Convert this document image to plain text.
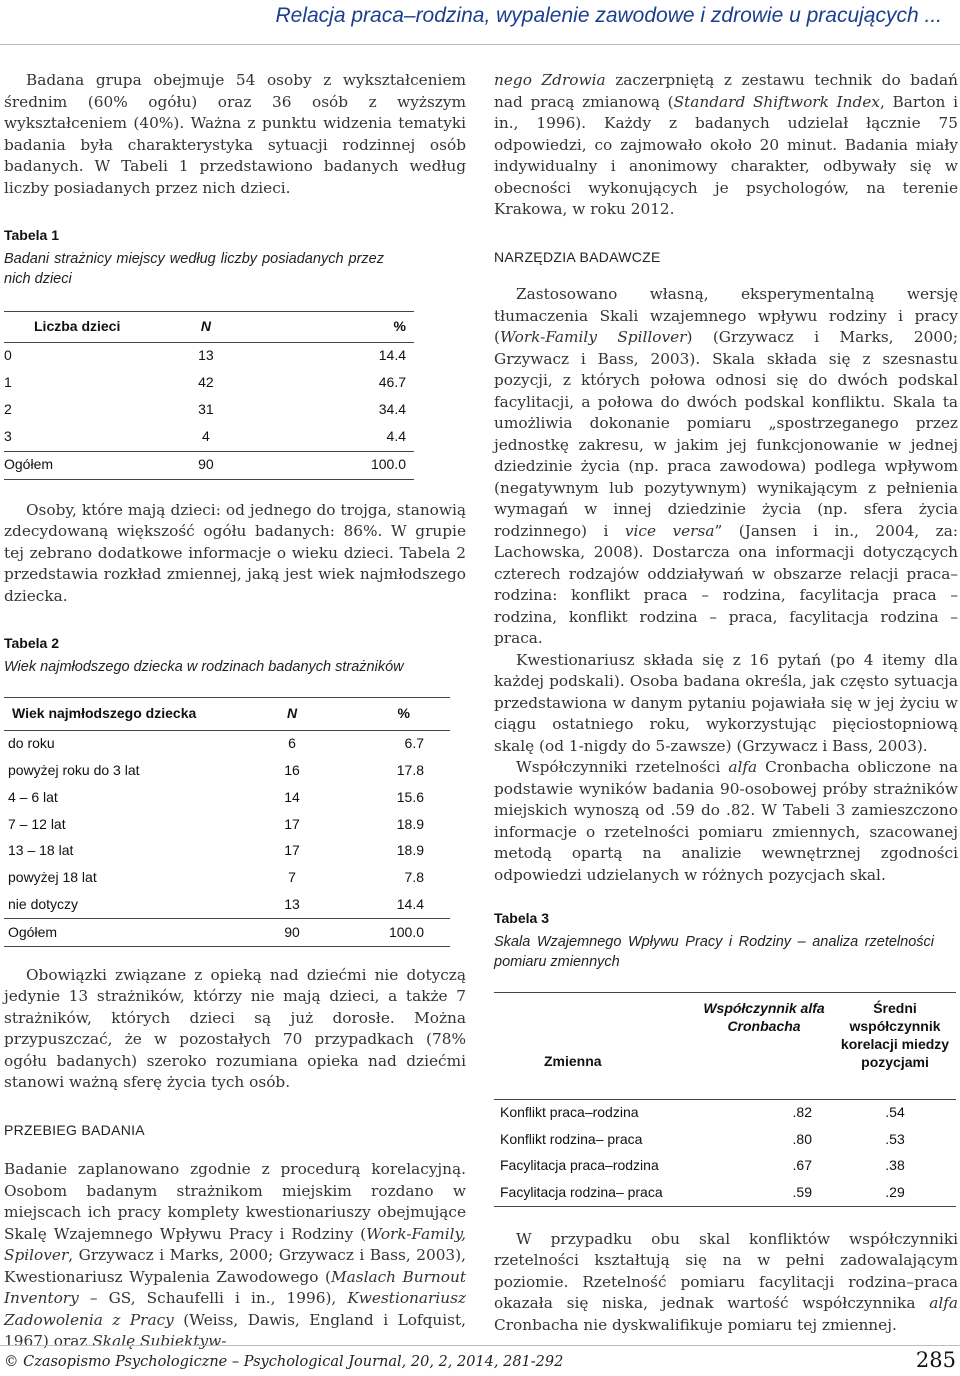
Relacja praca–rodzina, wypalenie zawodowe i zdrowie u pracujących ...

Badana grupa obejmuje 54 osoby z wykształceniem średnim (60% ogółu) oraz 36 osób z wyższym wykształceniem (40%). Ważna z punktu widzenia tematyki badania była charakterystyka sytuacji rodzinnej osób badanych. W Tabeli 1 przedstawiono badanych według liczby posiadanych przez nich dzieci.

Tabela 1

Badani strażnicy miejscy według liczby posiadanych przez nich dzieci

Liczba dzieci	N	%
0	13	14.4
1	42	46.7
2	31	34.4
3	4	4.4
Ogółem	90	100.0

Osoby, które mają dzieci: od jednego do trojga, stanowią zdecydowaną większość ogółu badanych: 86%. W grupie tej zebrano dodatkowe informacje o wieku dzieci. Tabela 2 przedstawia rozkład zmiennej, jaką jest wiek najmłodszego dziecka.

Tabela 2

Wiek najmłodszego dziecka w rodzinach badanych strażników

Wiek najmłodszego dziecka	N	%
do roku	6	6.7
powyżej roku do 3 lat	16	17.8
4 – 6 lat	14	15.6
7 – 12 lat	17	18.9
13 – 18 lat	17	18.9
powyżej 18 lat	7	7.8
nie dotyczy	13	14.4
Ogółem	90	100.0

Obowiązki związane z opieką nad dziećmi nie dotyczą jedynie 13 strażników, którzy nie mają dzieci, a także 7 strażników, których dzieci są już dorosłe. Można przypuszczać, że w pozostałych 70 przypadkach (78% ogółu badanych) szeroko rozumiana opieka nad dziećmi stanowi ważną sferę życia tych osób.

PRZEBIEG BADANIA

Badanie zaplanowano zgodnie z procedurą korelacyjną. Osobom badanym strażnikom miejskim rozdano w miejscach ich pracy komplety kwestionariuszy obejmujące Skalę Wzajemnego Wpływu Pracy i Rodziny (Work-Family, Spilover, Grzywacz i Marks, 2000; Grzywacz i Bass, 2003), Kwestionariusz Wypalenia Zawodowego (Maslach Burnout Inventory – GS, Schaufelli i in., 1996), Kwestionariusz Zadowolenia z Pracy (Weiss, Dawis, England i Lofquist, 1967) oraz Skalę Subiektyw-

nego Zdrowia zaczerpniętą z zestawu technik do badań nad pracą zmianową (Standard Shiftwork Index, Barton i in., 1996). Każdy z badanych udzielał łącznie 75 odpowiedzi, co zajmowało około 20 minut. Badania miały indywidualny i anonimowy charakter, odbywały się w obecności wykonujących je psychologów, na terenie Krakowa, w roku 2012.

NARZĘDZIA BADAWCZE

Zastosowano własną, eksperymentalną wersję tłumaczenia Skali wzajemnego wpływu rodziny i pracy (Work-Family Spillover) (Grzywacz i Marks, 2000; Grzywacz i Bass, 2003). Skala składa się z szesnastu pozycji, z których połowa odnosi się do dwóch podskal facylitacji, a połowa do dwóch podskal konfliktu. Skala ta umożliwia dokonanie pomiaru „spostrzeganego przez jednostkę zakresu, w jakim jej funkcjonowanie w jednej dziedzinie życia (np. praca zawodowa) podlega wpływom (negatywnym lub pozytywnym) wynikającym z pełnienia wymagań w innej dziedzinie życia (np. sfera życia rodzinnego) i vice versa” (Jansen i in., 2004, za: Lachowska, 2008). Dostarcza ona informacji dotyczących czterech rodzajów oddziaływań w obszarze relacji praca–rodzina: konflikt praca – rodzina, facylitacja praca – rodzina, konflikt rodzina – praca, facylitacja rodzina – praca.

Kwestionariusz składa się z 16 pytań (po 4 itemy dla każdej podskali). Osoba badana określa, jak często sytuacja przedstawiona w danym pytaniu pojawiała się w jej życiu w ciągu ostatniego roku, wykorzystując pięciostopniową skalę (od 1-nigdy do 5-zawsze) (Grzywacz i Bass, 2003).

Współczynniki rzetelności alfa Cronbacha obliczone na podstawie wyników badania 90-osobowej próby strażników miejskich wynoszą od .59 do .82. W Tabeli 3 zamieszczono informacje o rzetelności pomiaru zmiennych, szacowanej metodą opartą na analizie wewnętrznej zgodności odpowiedzi udzielanych w różnych pozycjach skal.

Tabela 3

Skala Wzajemnego Wpływu Pracy i Rodziny – analiza rzetelności pomiaru zmiennych

Zmienna	Współczynnik alfa Cronbacha	Średni współczynnik korelacji miedzy pozycjami
Konflikt praca–rodzina	.82	.54
Konflikt rodzina– praca	.80	.53
Facylitacja praca–rodzina	.67	.38
Facylitacja rodzina– praca	.59	.29

W przypadku obu skal konfliktów współczynniki rzetelności kształtują się na w pełni zadowalającym poziomie. Rzetelność pomiaru facylitacji rodzina–praca okazała się niska, jednak wartość współczynnika alfa Cronbacha nie dyskwalifikuje pomiaru tej zmiennej.

© Czasopismo Psychologiczne – Psychological Journal, 20, 2, 2014, 281-292	285
